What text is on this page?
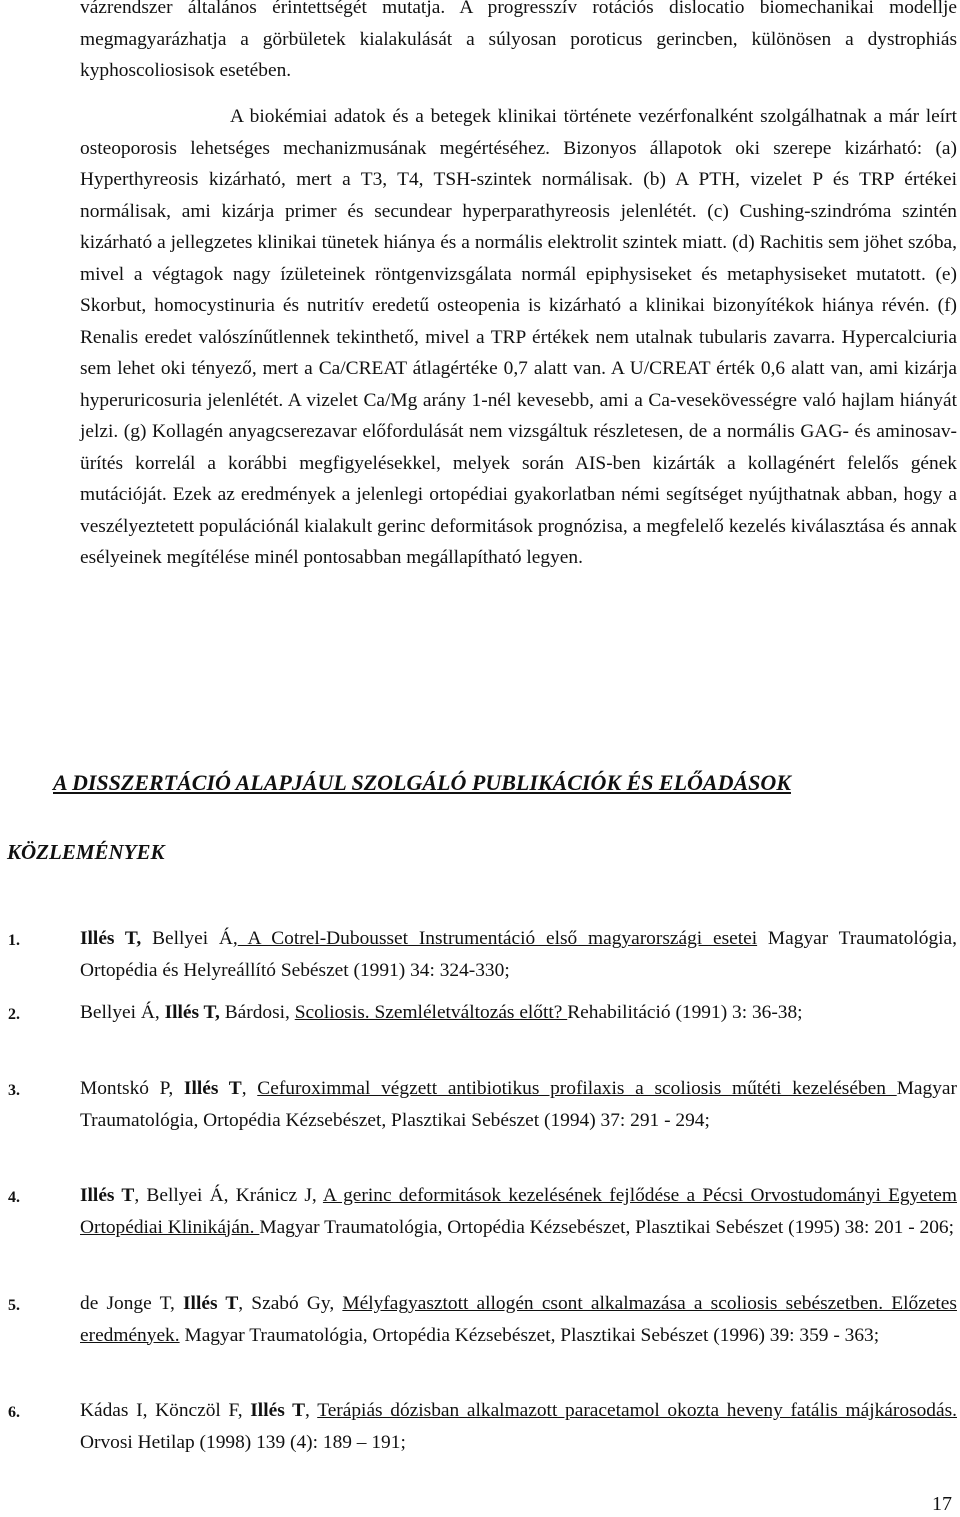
vázrendszer általános érintettségét mutatja. A progresszív rotációs dislocatio biomechanikai modellje megmagyarázhatja a görbületek kialakulását a súlyosan poroticus gerincben, különösen a dystrophiás kyphoscoliosisok esetében.

A biokémiai adatok és a betegek klinikai története vezérfonalként szolgálhatnak a már leírt osteoporosis lehetséges mechanizmusának megértéséhez. Bizonyos állapotok oki szerepe kizárható: (a) Hyperthyreosis kizárható, mert a T3, T4, TSH-szintek normálisak. (b) A PTH, vizelet P és TRP értékei normálisak, ami kizárja primer és secundear hyperparathyreosis jelenlétét. (c) Cushing-szindróma szintén kizárható a jellegzetes klinikai tünetek hiánya és a normális elektrolit szintek miatt. (d) Rachitis sem jöhet szóba, mivel a végtagok nagy ízületeinek röntgenvizsgálata normál epiphysiseket és metaphysiseket mutatott. (e) Skorbut, homocystinuria és nutritív eredetű osteopenia is kizárható a klinikai bizonyítékok hiánya révén. (f) Renalis eredet valószínűtlennek tekinthető, mivel a TRP értékek nem utalnak tubularis zavarra. Hypercalciuria sem lehet oki tényező, mert a Ca/CREAT átlagértéke 0,7 alatt van. A U/CREAT érték 0,6 alatt van, ami kizárja hyperuricosuria jelenlétét. A vizelet Ca/Mg arány 1-nél kevesebb, ami a Ca-vesekövességre való hajlam hiányát jelzi. (g) Kollagén anyagcserezavar előfordulását nem vizsgáltuk részletesen, de a normális GAG- és aminosav-ürítés korrelál a korábbi megfigyelésekkel, melyek során AIS-ben kizárták a kollagénért felelős gének mutációját. Ezek az eredmények a jelenlegi ortopédiai gyakorlatban némi segítséget nyújthatnak abban, hogy a veszélyeztetett populációnál kialakult gerinc deformitások prognózisa, a megfelelő kezelés kiválasztása és annak esélyeinek megítélése minél pontosabban megállapítható legyen.

A DISSZERTÁCIÓ ALAPJÁUL SZOLGÁLÓ PUBLIKÁCIÓK ÉS ELŐADÁSOK
KÖZLEMÉNYEK
1.	Illés T, Bellyei Á, A Cotrel-Dubousset Instrumentáció első magyarországi esetei Magyar Traumatológia, Ortopédia és Helyreállító Sebészet (1991) 34: 324-330;
2.	Bellyei Á, Illés T, Bárdosi, Scoliosis. Szemléletváltozás előtt? Rehabilitáció (1991) 3: 36-38;
3.	Montskó P, Illés T, Cefuroximmal végzett antibiotikus profilaxis a scoliosis műtéti kezelésében Magyar Traumatológia, Ortopédia Kézsebészet, Plasztikai Sebészet (1994) 37: 291 - 294;
4.	Illés T, Bellyei Á, Kránicz J, A gerinc deformitások kezelésének fejlődése a Pécsi Orvostudományi Egyetem Ortopédiai Klinikáján. Magyar Traumatológia, Ortopédia Kézsebészet, Plasztikai Sebészet (1995) 38: 201 - 206;
5.	de Jonge T, Illés T, Szabó Gy, Mélyfagyasztott allogén csont alkalmazása a scoliosis sebészetben. Előzetes eredmények. Magyar Traumatológia, Ortopédia Kézsebészet, Plasztikai Sebészet (1996) 39: 359 - 363;
6.	Kádas I, Könczöl F, Illés T, Terápiás dózisban alkalmazott paracetamol okozta heveny fatális májkárosodás. Orvosi Hetilap (1998) 139 (4): 189 – 191;
17
